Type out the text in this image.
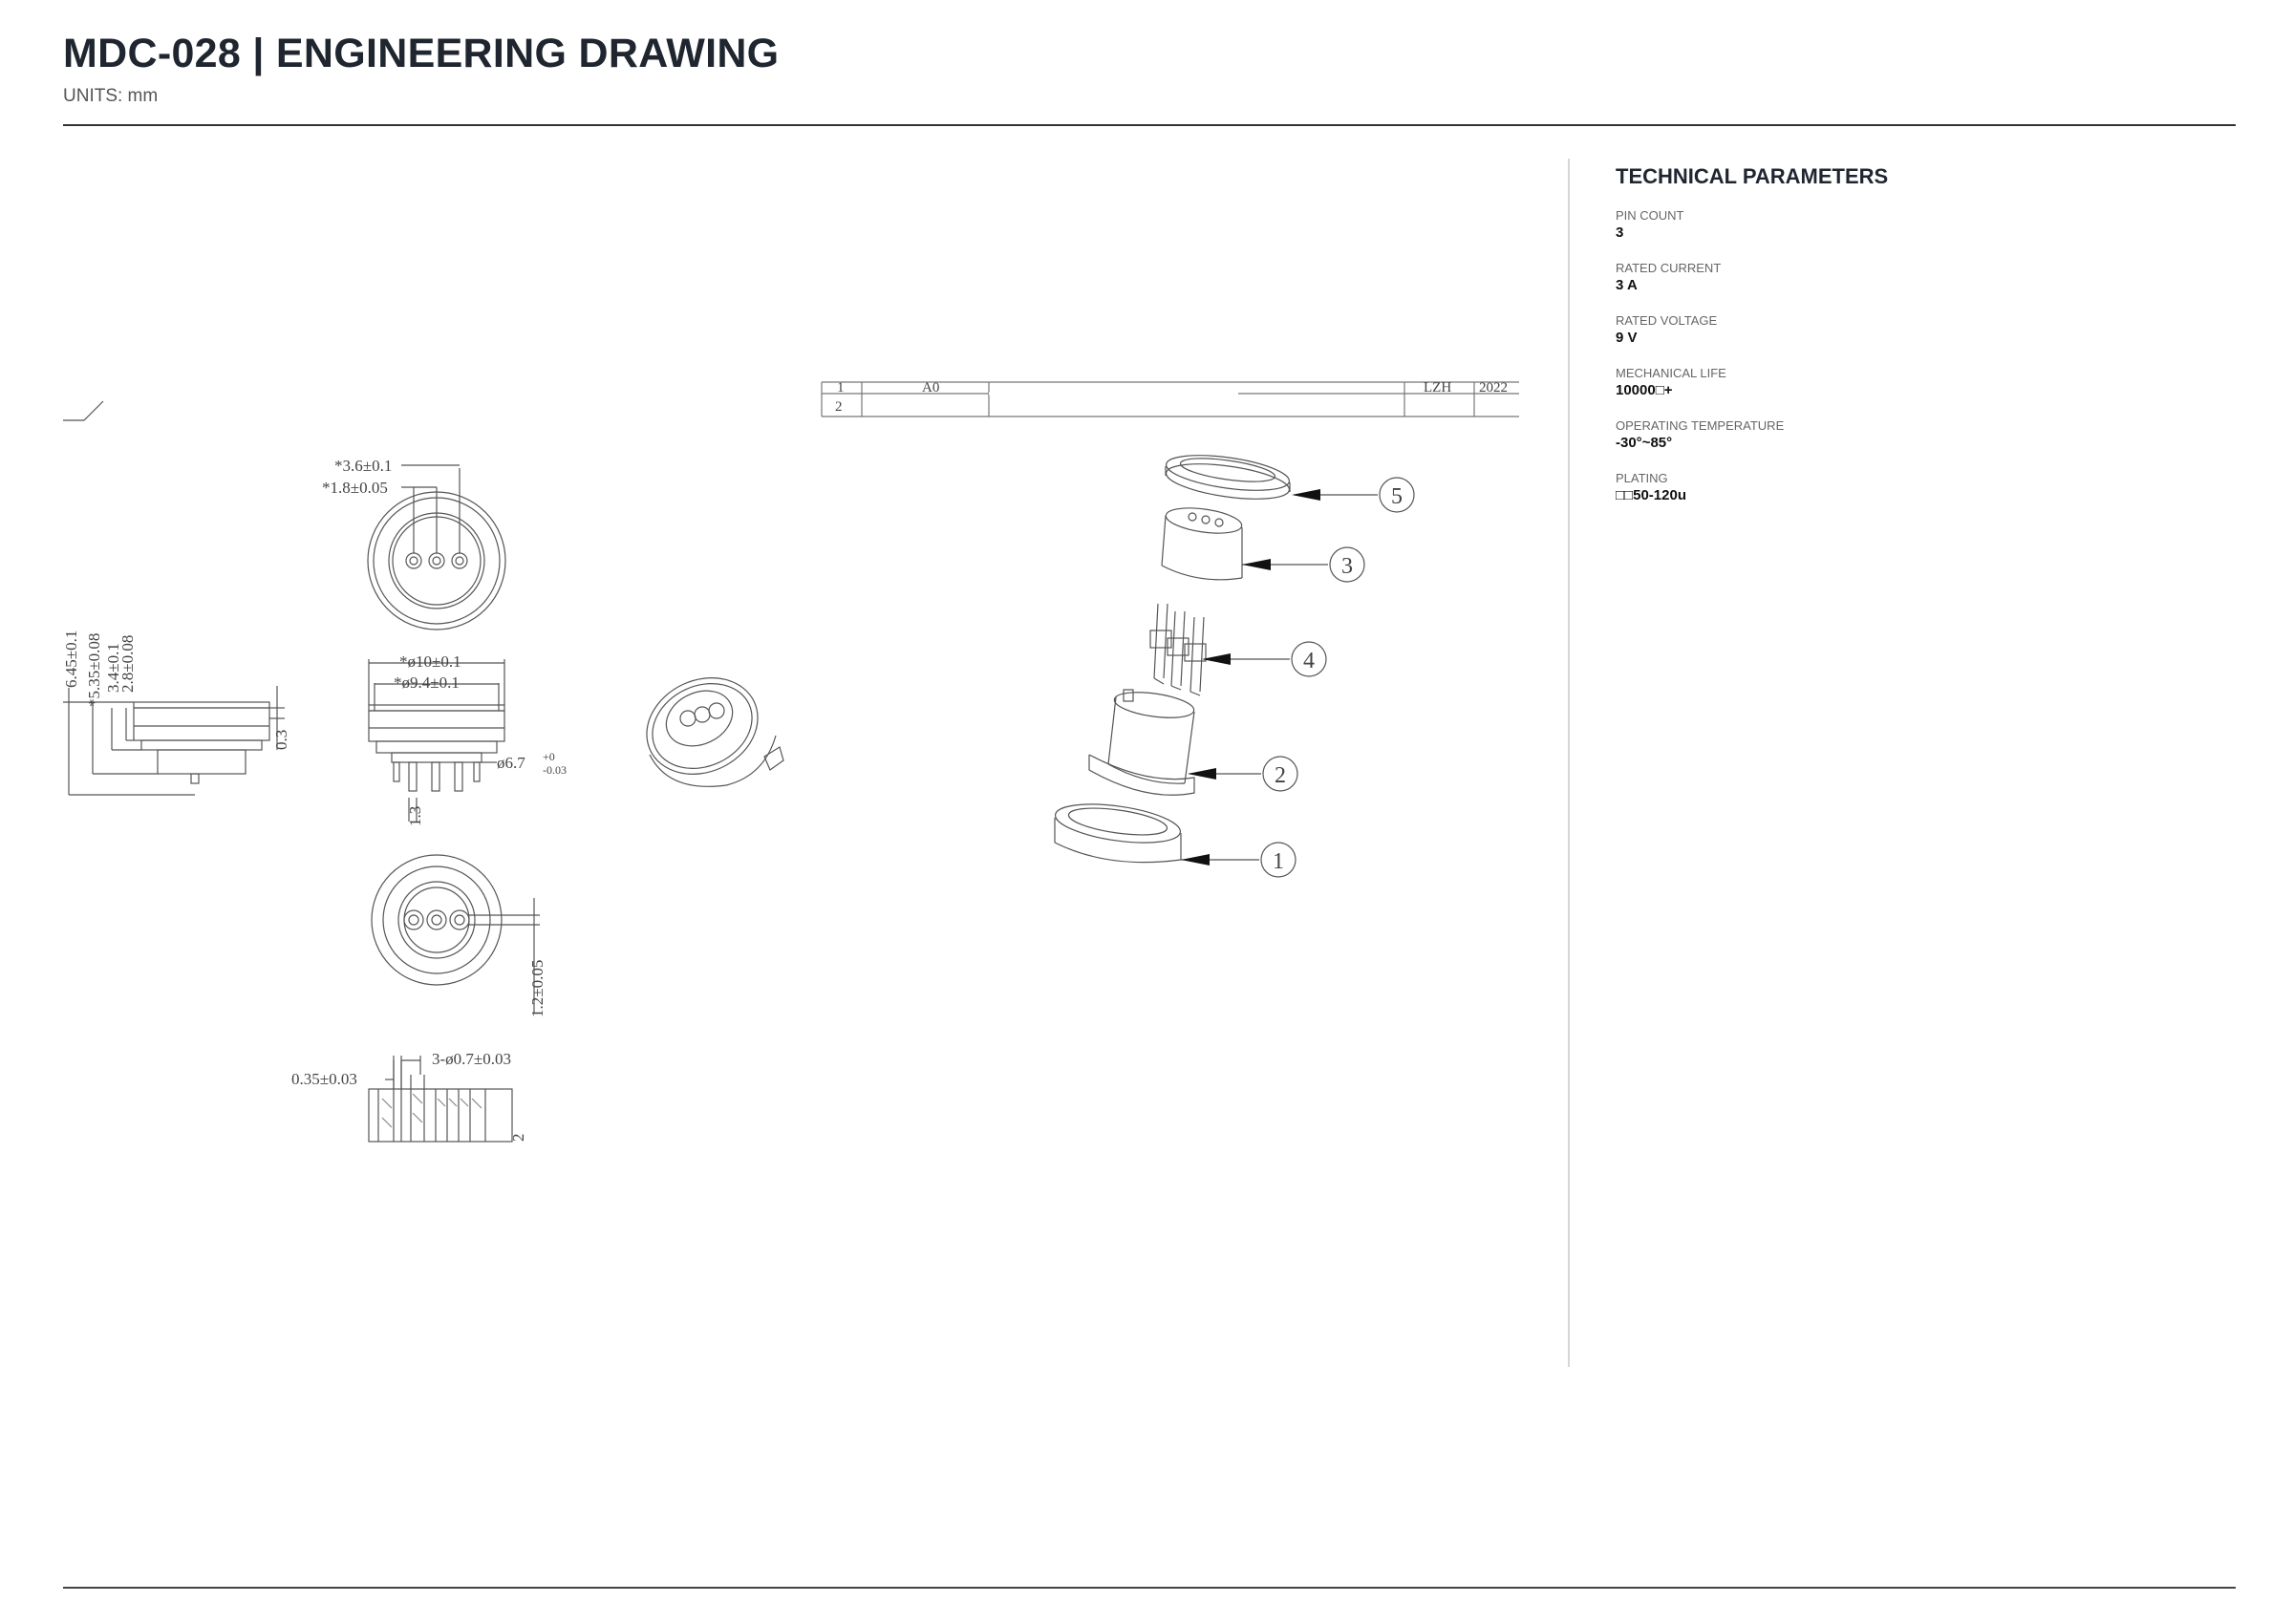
MDC-028 | ENGINEERING DRAWING
UNITS: mm
*3.6±0.1
*1.8±0.05
6.45±0.1 *5.35±0.08 3.4±0.1
2.8±0.08
0.3
*ø10±0.1
*ø9.4±0.1
ø6.7 +0
-0.03
1.3
1.2±0.05
0.35±0.03
3-ø0.7±0.03
2
1	A0	LZH 2022
2
5
3
4
2
1
TECHNICAL PARAMETERS
PIN COUNT
3
RATED CURRENT
3 A
RATED VOLTAGE
9 V
MECHANICAL LIFE
10000□+
OPERATING TEMPERATURE
-30°~85°
PLATING
□□50-120u
